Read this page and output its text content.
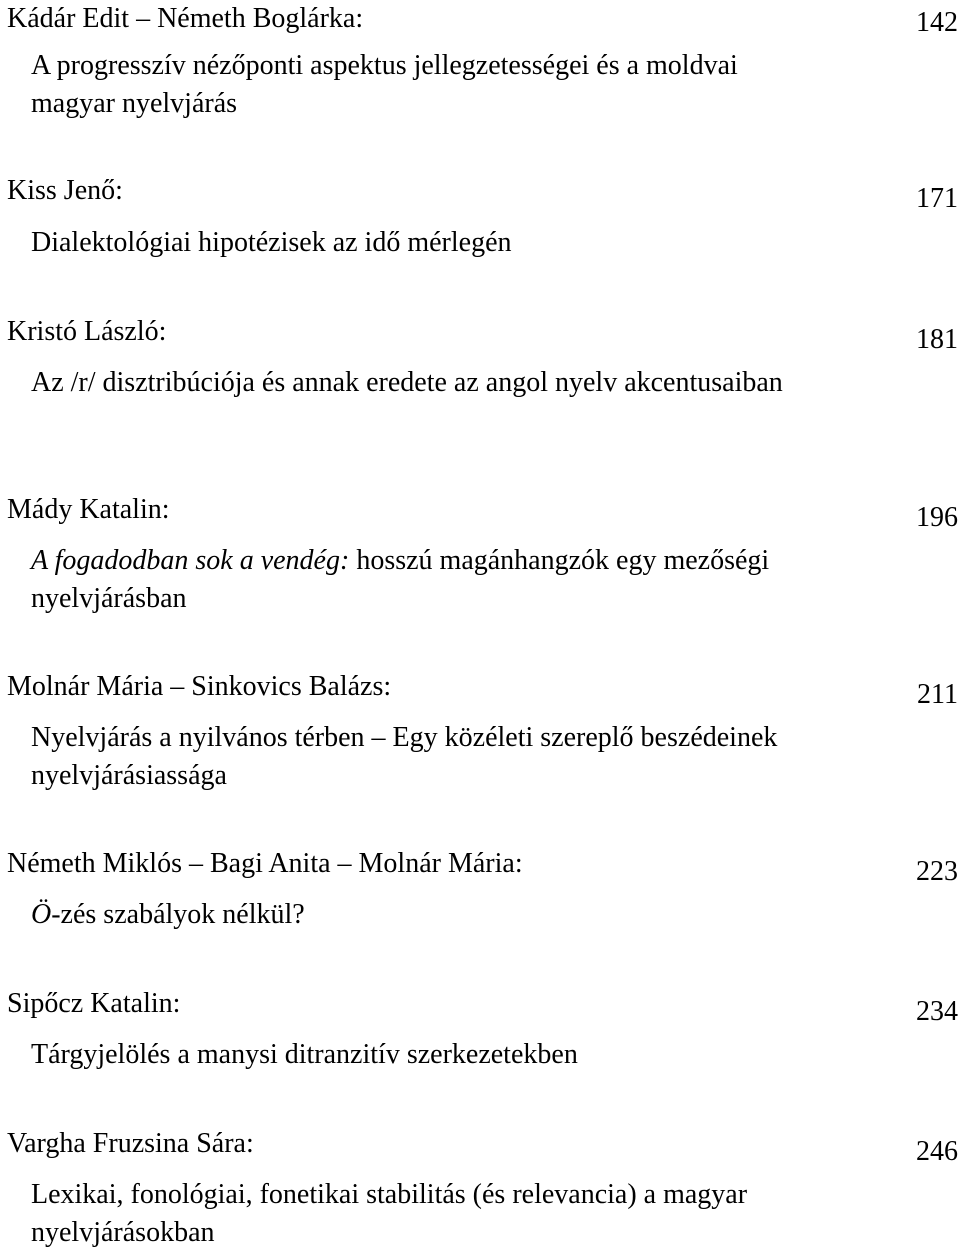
Kádár Edit – Németh Boglárka:	142
A progresszív nézőponti aspektus jellegzetességei és a moldvai magyar nyelvjárás
Kiss Jenő:	171
Dialektológiai hipotézisek az idő mérlegén
Kristó László:	181
Az /r/ disztribúciója és annak eredete az angol nyelv akcentusaiban
Mády Katalin:	196
A fogadodban sok a vendég: hosszú magánhangzók egy mezőségi nyelvjárásban
Molnár Mária – Sinkovics Balázs:	211
Nyelvjárás a nyilvános térben – Egy közéleti szereplő beszédeinek nyelvjárásiassága
Németh Miklós – Bagi Anita – Molnár Mária:	223
Ö-zés szabályok nélkül?
Sipőcz Katalin:	234
Tárgyjelölés a manysi ditranzitív szerkezetekben
Vargha Fruzsina Sára:	246
Lexikai, fonológiai, fonetikai stabilitás (és relevancia) a magyar nyelvjárásokban
